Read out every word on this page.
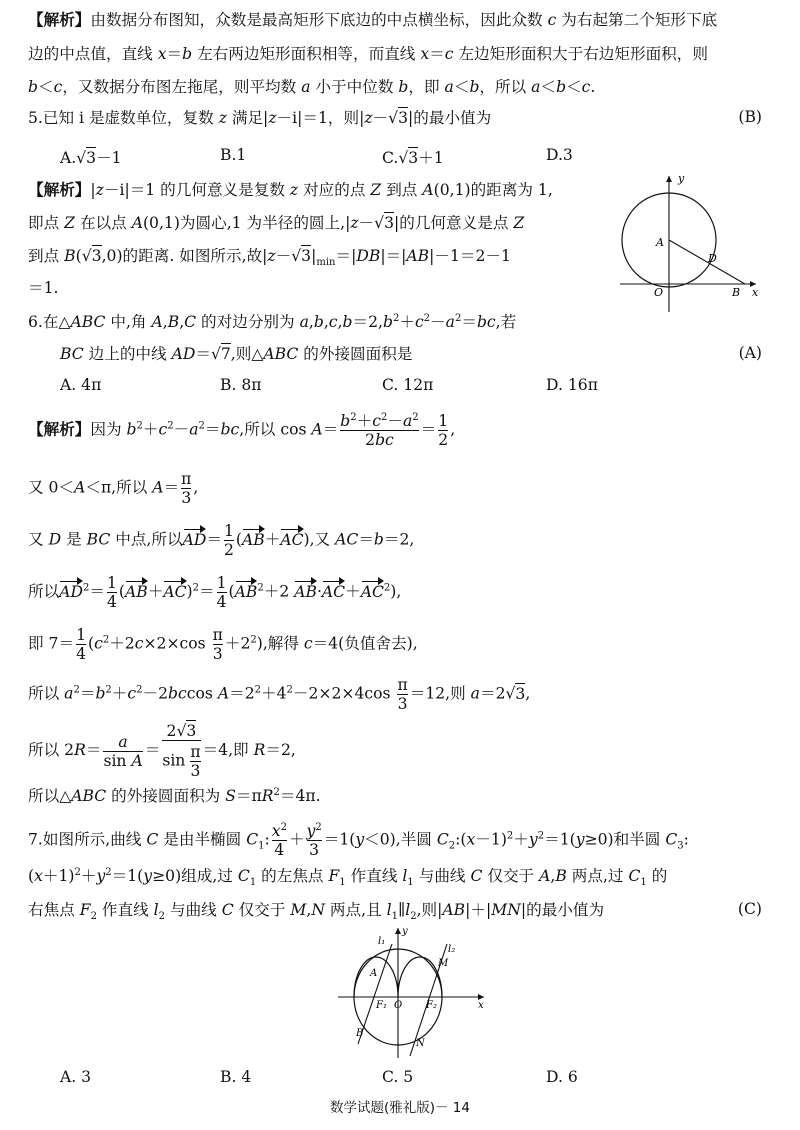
【解析】由数据分布图知，众数是最高矩形下底边的中点横坐标，因此众数 c 为右起第二个矩形下底
边的中点值，直线 x＝b 左右两边矩形面积相等，而直线 x＝c 左边矩形面积大于右边矩形面积，则
b＜c，又数据分布图左拖尾，则平均数 a 小于中位数 b，即 a＜b，所以 a＜b＜c.
5.已知 i 是虚数单位，复数 z 满足|z－i|＝1，则|z－√3|的最小值为	(B)
A.√3－1	B.1	C.√3＋1	D.3
【解析】|z－i|＝1 的几何意义是复数 z 对应的点 Z 到点 A(0,1)的距离为 1,
即点 Z 在以点 A(0,1)为圆心,1 为半径的圆上,|z－√3|的几何意义是点 Z
到点 B(√3,0)的距离. 如图所示,故$|z-√3|_{min}=|DB|=|AB|-1=2-1$
＝1.
y
x
O
A
B
D
6.在△ABC 中,角 A,B,C 的对边分别为 $a,b,c,b=2,b^2+c^2-a^2=bc$,若
BC 边上的中线 AD＝√7,则△ABC 的外接圆面积是	(A)
A. 4π	B. 8π	C. 12π	D. 16π
【解析】因为 $b^2+c^2-a^2=bc$,所以 $\cos A= \frac{b^2+c^2-a^2}{2bc} = \frac{1}{2}$ ,
又 0＜A＜π,所以 $A= \frac{\pi}{3}$ ,
又 D 是 BC 中点,所以$AD= \frac{1}{2} (AB+AC)$,又 AC＝b＝2,
所以$AD^2= \frac{1}{4} (AB+AC)^2= \frac{1}{4} (AB^2+2$ $AB\cdot AC+AC^2$),
即 $7= \frac{1}{4} (c^2+2c\times 2\times\cos \frac{\pi}{3} +2^2)$,解得 c＝4(负值舍去),
所以 $a^2=b^2+c^2-2bccos$ $A=2^2+4^2-2\times 2\times 4\cos \frac{\pi}{3} =12$,则 a＝2√3,
所以 $2R= \frac{a}{\text{sin A}} = \frac{2√3}{\sin \frac{\pi}{3}} =4$,即 R＝2,
所以△ABC 的外接圆面积为 $S=\pi R^2=4\pi$.
7.如图所示,曲线 C 是由半椭圆 $C_1$: $\frac{x^2}{4} + \frac{y^2}{3} =1(y<0)$,半圆 $C_2:(x-1)^2+y^2=1(y\ge 0)$和半圆 $C_3$:
$(x+1)^2+y^2=1(y\ge 0)$组成,过 $C_1$ 的左焦点 $F_1$ 作直线 $l_1$ 与曲线 C 仅交于 A,B 两点,过 $C_1$ 的
右焦点 $F_2$ 作直线 $l_2$ 与曲线 C 仅交于 M,N 两点,且 $l_1\parallel l_2$,则|AB|＋|MN|的最小值为	(C)
l₁
l₂
y
x
O
A
B
M
N
F₁	F₂
A. 3	B. 4	C. 5	D. 6
数学试题(雅礼版)－ 14
